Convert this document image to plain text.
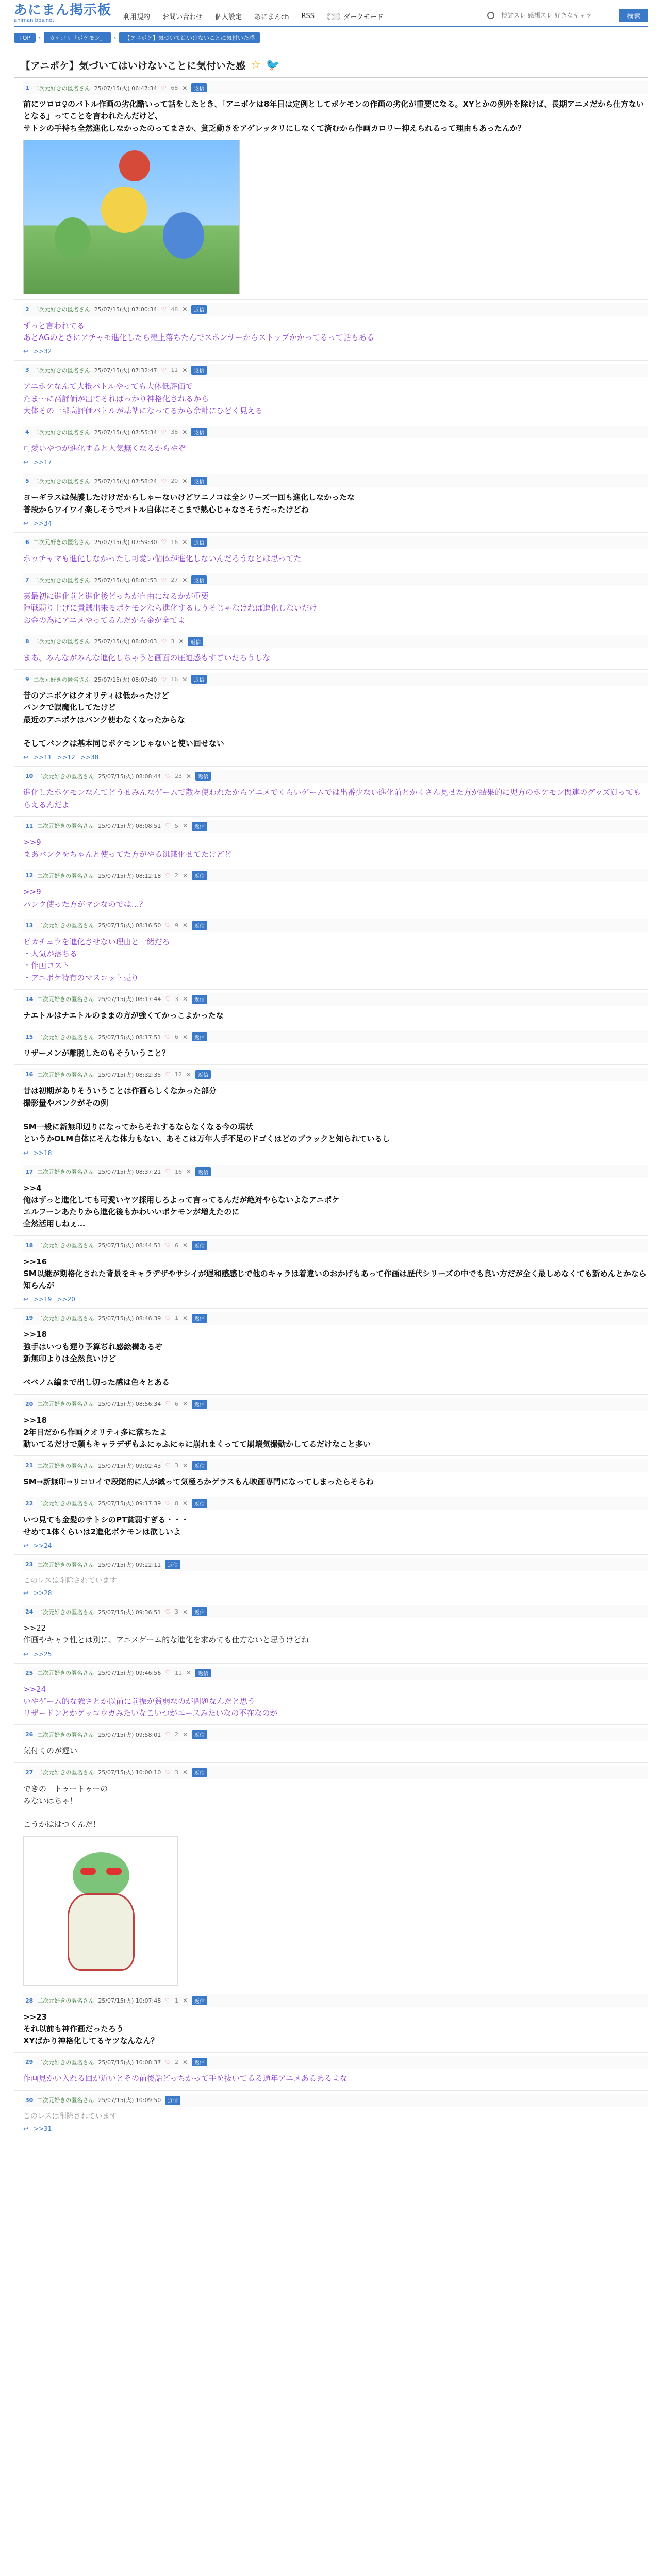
あにまん掲示板
animan bbs.net	利用規約 お問い合わせ 個人設定 あにまんch RSS	ダークモード
検討スレ 感想スレ 好きなキャラ	検索
TOP	›	カテゴリ「ポケモン」	›	【アニポケ】気づいてはいけないことに気付いた感
【アニポケ】気づいてはいけないことに気付いた感 ☆ 🐦
1 二次元好きの匿名さん 25/07/15(火) 06:47:34 ♡ 68 ✕	返信
前にツロロ♀のバトル作画の劣化酷いって話をしたとき、「アニポケは8年目は定例としてポケモンの作画の劣化が重要になる。XYとかの例外を除けば、長期アニメだから仕方ないとなる」ってことを言われたんだけど、
サトシの手持ち全然進化しなかったのってまさか、貧乏動きをアゲレッタリにしなくて済むから作画カロリー抑えられるって理由もあったんか？
2 二次元好きの匿名さん 25/07/15(火) 07:00:34 ♡ 48 ✕	返信
ずっと言われてる
あとAGのときにアチャモ進化したら売上落ちたんでスポンサーからストップかかってるって話もある
↩ >>32
3 二次元好きの匿名さん 25/07/15(火) 07:32:47 ♡ 11 ✕	返信
アニポケなんて大抵バトルやっても大体低評価で
たま～に高評価が出てそればっかり神格化されるから
大体その一部高評価バトルが基準になってるから余計にひどく見える
4 二次元好きの匿名さん 25/07/15(火) 07:55:34 ♡ 38 ✕	返信
可愛いやつが進化すると人気無くなるからやぞ
↩ >>17
5 二次元好きの匿名さん 25/07/15(火) 07:58:24 ♡ 20 ✕	返信
ヨーギラスは保護したけけだからしゃーないけどワニノコは全シリーズ一回も進化しなかったな
普段からワイワイ楽しそうでバトル自体にそこまで熱心じゃなさそうだったけどね
↩ >>34
6 二次元好きの匿名さん 25/07/15(火) 07:59:30 ♡ 16 ✕	返信
ポッチャマも進化しなかったし可愛い個体が進化しないんだろうなとは思ってた
7 二次元好きの匿名さん 25/07/15(火) 08:01:53 ♡ 27 ✕	返信
裏最初に進化前と進化後どっちが自由になるかが重要
陸戦弱り上げに貴賊出来るポケモンなら進化するしうそじゃなければ進化しないだけ
お金の為にアニメやってるんだから金が全てよ
8 二次元好きの匿名さん 25/07/15(火) 08:02:03 ♡ 3 ✕	返信
まあ、みんながみんな進化しちゃうと画面の圧迫感もすごいだろうしな
9 二次元好きの匿名さん 25/07/15(火) 08:07:40 ♡ 16 ✕	返信
昔のアニポケはクオリティは低かったけど
バンクで誤魔化してたけど
最近のアニポケはバンク使わなくなったからな

そしてバンクは基本同じポケモンじゃないと使い回せない
↩ >>11 >>12 >>38
10 二次元好きの匿名さん 25/07/15(火) 08:08:44 ♡ 23 ✕	返信
進化したポケモンなんてどうせみんなゲームで散々使われたからアニメでくらいゲームでは出番少ない進化前とかくさん見せた方が結果的に児方のポケモン関連のグッズ買ってもらえるんだよ
11 二次元好きの匿名さん 25/07/15(火) 08:08:51 ♡ 5 ✕	返信
>>9
まあバンクをちゃんと使ってた方がやる飢餓化せてたけどど
12 二次元好きの匿名さん 25/07/15(火) 08:12:18 ♡ 2 ✕	返信
>>9
バンク使った方がマシなのでは…？
13 二次元好きの匿名さん 25/07/15(火) 08:16:50 ♡ 9 ✕	返信
ピカチュウを進化させない理由と一緒だろ
・人気が落ちる
・作画コスト
・アニポケ特有のマスコット売り
14 二次元好きの匿名さん 25/07/15(火) 08:17:44 ♡ 3 ✕	返信
ナエトルはナエトルのままの方が強くてかっこよかったな
15 二次元好きの匿名さん 25/07/15(火) 08:17:51 ♡ 6 ✕	返信
リザーメンが離脱したのもそういうこと？
16 二次元好きの匿名さん 25/07/15(火) 08:32:35 ♡ 12 ✕	返信
昔は初期がありそういうことは作画らしくなかった部分
撮影量やバンクがその例

SM一般に新無印辺りになってからそれするならなくなる今の現状
というかOLM自体にそんな体力もない、あそこは万年人手不足のドゴくはどのブラックと知られているし
↩ >>18
17 二次元好きの匿名さん 25/07/15(火) 08:37:21 ♡ 16 ✕	返信
>>4
俺はずっと進化しても可愛いヤツ採用しろよって言ってるんだが絶対やらないよなアニポケ
エルフーンあたりから進化後もかわいいポケモンが増えたのに
全然活用しねぇ…
18 二次元好きの匿名さん 25/07/15(火) 08:44:51 ♡ 6 ✕	返信
>>16
SM以継が期格化された背景をキャラデザやサシイが遅和感感じで他のキャラは着違いのおかげもあって作画は歴代シリーズの中でも良い方だが全く最しめなくても新めんとかなら知らんが
↩ >>19 >>20
19 二次元好きの匿名さん 25/07/15(火) 08:46:39 ♡ 1 ✕	返信
>>18
強手はいつも遅り予算ぢれ感絵構あるぞ
新無印よりは全然良いけど

ベベノム編まで出し切った感は色々とある
20 二次元好きの匿名さん 25/07/15(火) 08:56:34 ♡ 6 ✕	返信
>>18
2年目だから作画クオリティ多に落ちたよ
動いてるだけで顔もキャラデザもふにゃふにゃに崩れまくってて崩壊気撮動かしてるだけなこと多い
21 二次元好きの匿名さん 25/07/15(火) 09:02:43 ♡ 3 ✕	返信
SM→新無印→リコロイで段階的に人が減って気極ろかゲラスもん映画専門になってしまったらそらね
22 二次元好きの匿名さん 25/07/15(火) 09:17:39 ♡ 8 ✕	返信
いつ見ても金髪のサトシのPT貧弱すぎる・・・
せめて1体くらいは2進化ポケモンは欲しいよ
↩ >>24
23 二次元好きの匿名さん 25/07/15(火) 09:22:11	返信
このレスは削除されています
↩ >>28
24 二次元好きの匿名さん 25/07/15(火) 09:36:51 ♡ 3 ✕	返信
>>22
作画やキャラ性とは別に、アニメゲーム的な進化を求めても仕方ないと思うけどね
↩ >>25
25 二次元好きの匿名さん 25/07/15(火) 09:46:56 ♡ 11 ✕	返信
>>24
いやゲーム的な強さとか以前に前振が貧弱なのが問題なんだと思う
リザードンとかゲッコウガみたいなこいつがエースみたいなの不在なのが
26 二次元好きの匿名さん 25/07/15(火) 09:58:01 ♡ 2 ✕	返信
気付くのが遅い
27 二次元好きの匿名さん 25/07/15(火) 10:00:10 ♡ 3 ✕	返信
できの　トゥートゥーの
みないはちゃ！

こうかははつくんだ！
28 二次元好きの匿名さん 25/07/15(火) 10:07:48 ♡ 1 ✕	返信
>>23
それ以前も神作画だったろう
XYばかり神格化してるヤツなんなん？
29 二次元好きの匿名さん 25/07/15(火) 10:08:37 ♡ 2 ✕	返信
作画見かい入れる回が近いとその前後話どっちかって手を抜いてるる通年アニメあるあるよな
30 二次元好きの匿名さん 25/07/15(火) 10:09:50	返信
このレスは削除されています
↩ >>31
